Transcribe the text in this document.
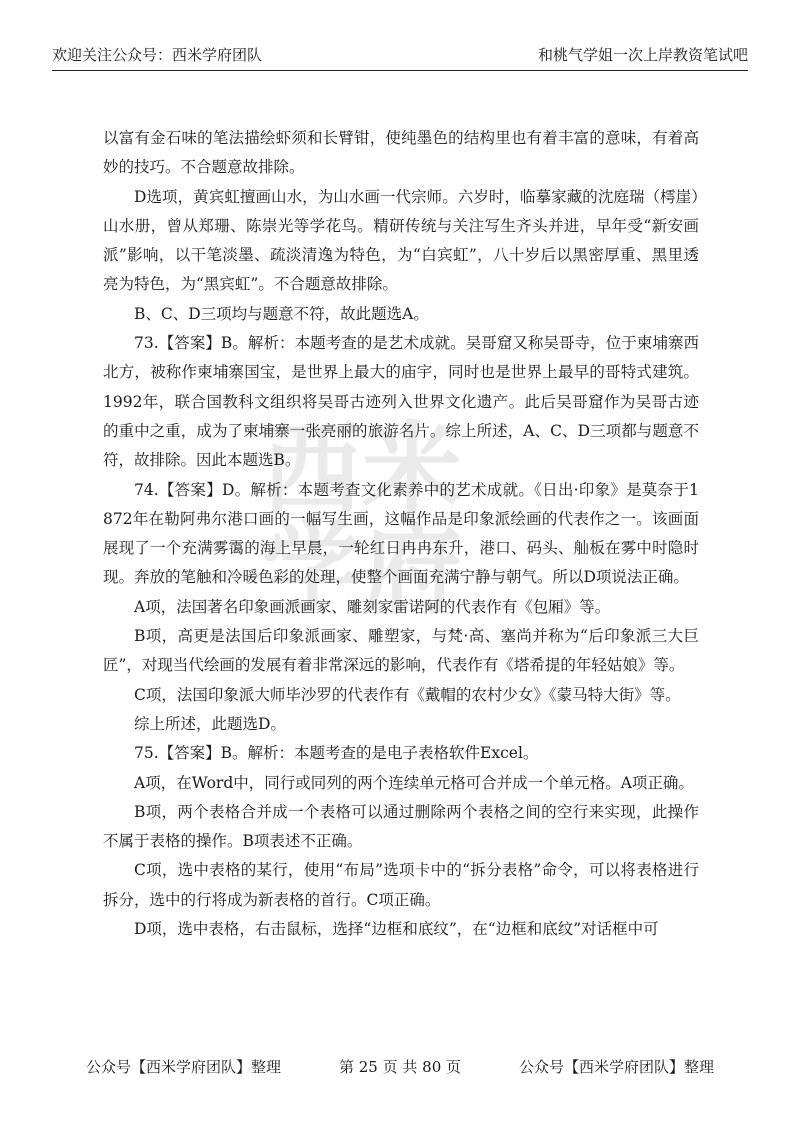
欢迎关注公众号：西米学府团队	和桃气学姐一次上岸教资笔试吧
西米学府

以富有金石味的笔法描绘虾须和长臂钳，使纯墨色的结构里也有着丰富的意味，有着高妙的技巧。不合题意故排除。

D选项，黄宾虹擅画山水，为山水画一代宗师。六岁时，临摹家藏的沈庭瑞（樗崖）山水册，曾从郑珊、陈崇光等学花鸟。精研传统与关注写生齐头并进，早年受“新安画派”影响，以干笔淡墨、疏淡清逸为特色，为“白宾虹”，八十岁后以黑密厚重、黑里透亮为特色，为“黑宾虹”。不合题意故排除。

B、C、D三项均与题意不符，故此题选A。

73.【答案】B。解析：本题考查的是艺术成就。吴哥窟又称吴哥寺，位于柬埔寨西北方，被称作柬埔寨国宝，是世界上最大的庙宇，同时也是世界上最早的哥特式建筑。1992年，联合国教科文组织将吴哥古迹列入世界文化遗产。此后吴哥窟作为吴哥古迹的重中之重，成为了柬埔寨一张亮丽的旅游名片。综上所述，A、C、D三项都与题意不符，故排除。因此本题选B。

74.【答案】D。解析：本题考查文化素养中的艺术成就。《日出·印象》是莫奈于1872年在勒阿弗尔港口画的一幅写生画，这幅作品是印象派绘画的代表作之一。该画面展现了一个充满雾霭的海上早晨，一轮红日冉冉东升，港口、码头、舢板在雾中时隐时现。奔放的笔触和冷暖色彩的处理，使整个画面充满宁静与朝气。所以D项说法正确。

A项，法国著名印象画派画家、雕刻家雷诺阿的代表作有《包厢》等。

B项，高更是法国后印象派画家、雕塑家，与梵·高、塞尚并称为“后印象派三大巨匠”，对现当代绘画的发展有着非常深远的影响，代表作有《塔希提的年轻姑娘》等。

C项，法国印象派大师毕沙罗的代表作有《戴帽的农村少女》《蒙马特大街》等。

综上所述，此题选D。

75.【答案】B。解析：本题考查的是电子表格软件Excel。

A项，在Word中，同行或同列的两个连续单元格可合并成一个单元格。A项正确。

B项，两个表格合并成一个表格可以通过删除两个表格之间的空行来实现，此操作不属于表格的操作。B项表述不正确。

C项，选中表格的某行，使用“布局”选项卡中的“拆分表格”命令，可以将表格进行拆分，选中的行将成为新表格的首行。C项正确。

D项，选中表格，右击鼠标，选择“边框和底纹”，在“边框和底纹”对话框中可

公众号【西米学府团队】整理	第 25 页 共 80 页	公众号【西米学府团队】整理
